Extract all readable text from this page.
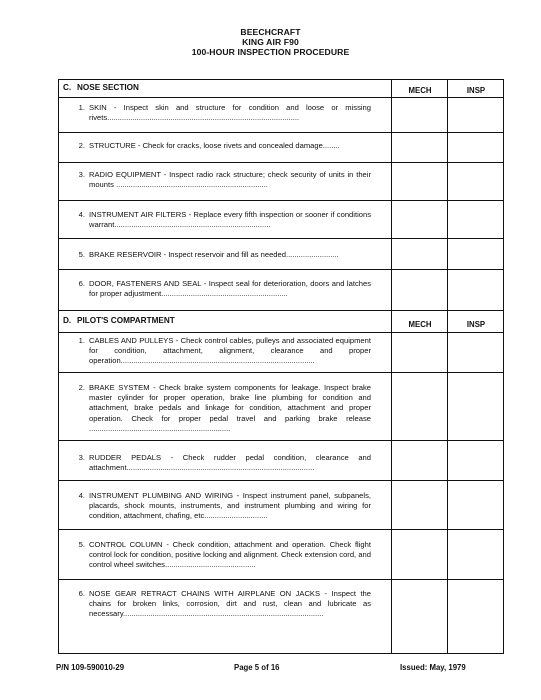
BEECHCRAFT
KING AIR F90
100-HOUR INSPECTION PROCEDURE
C. NOSE SECTION	MECH	INSP
1. SKIN - Inspect skin and structure for condition and loose or missing rivets...........................................................................................
2. STRUCTURE - Check for cracks, loose rivets and concealed damage........
3. RADIO EQUIPMENT - Inspect radio rack structure; check security of units in their mounts ........................................................................
4. INSTRUMENT AIR FILTERS - Replace every fifth inspection or sooner if conditions warrant..........................................................................
5. BRAKE RESERVOIR - Inspect reservoir and fill as needed.........................
6. DOOR, FASTENERS AND SEAL - Inspect seal for deterioration, doors and latches for proper adjustment............................................................
D. PILOT'S COMPARTMENT	MECH	INSP
1. CABLES AND PULLEYS - Check control cables, pulleys and associated equipment for condition, attachment, alignment, clearance and proper operation............................................................................................
2. BRAKE SYSTEM - Check brake system components for leakage. Inspect brake master cylinder for proper operation, brake line plumbing for condition and attachment, brake pedals and linkage for condition, attachment and proper operation. Check for proper pedal travel and parking brake release ...................................................................
3. RUDDER PEDALS - Check rudder pedal condition, clearance and attachment.........................................................................................
4. INSTRUMENT PLUMBING AND WIRING - Inspect instrument panel, subpanels, placards, shock mounts, instruments, and instrument plumbing and wiring for condition, attachment, chafing, etc..............................
5. CONTROL COLUMN - Check condition, attachment and operation. Check flight control lock for condition, positive locking and alignment. Check extension cord, and control wheel switches...........................................
6. NOSE GEAR RETRACT CHAINS WITH AIRPLANE ON JACKS - Inspect the chains for broken links, corrosion, dirt and rust, clean and lubricate as necessary...............................................................................................
P/N 109-590010-29	Page 5 of 16	Issued: May, 1979
